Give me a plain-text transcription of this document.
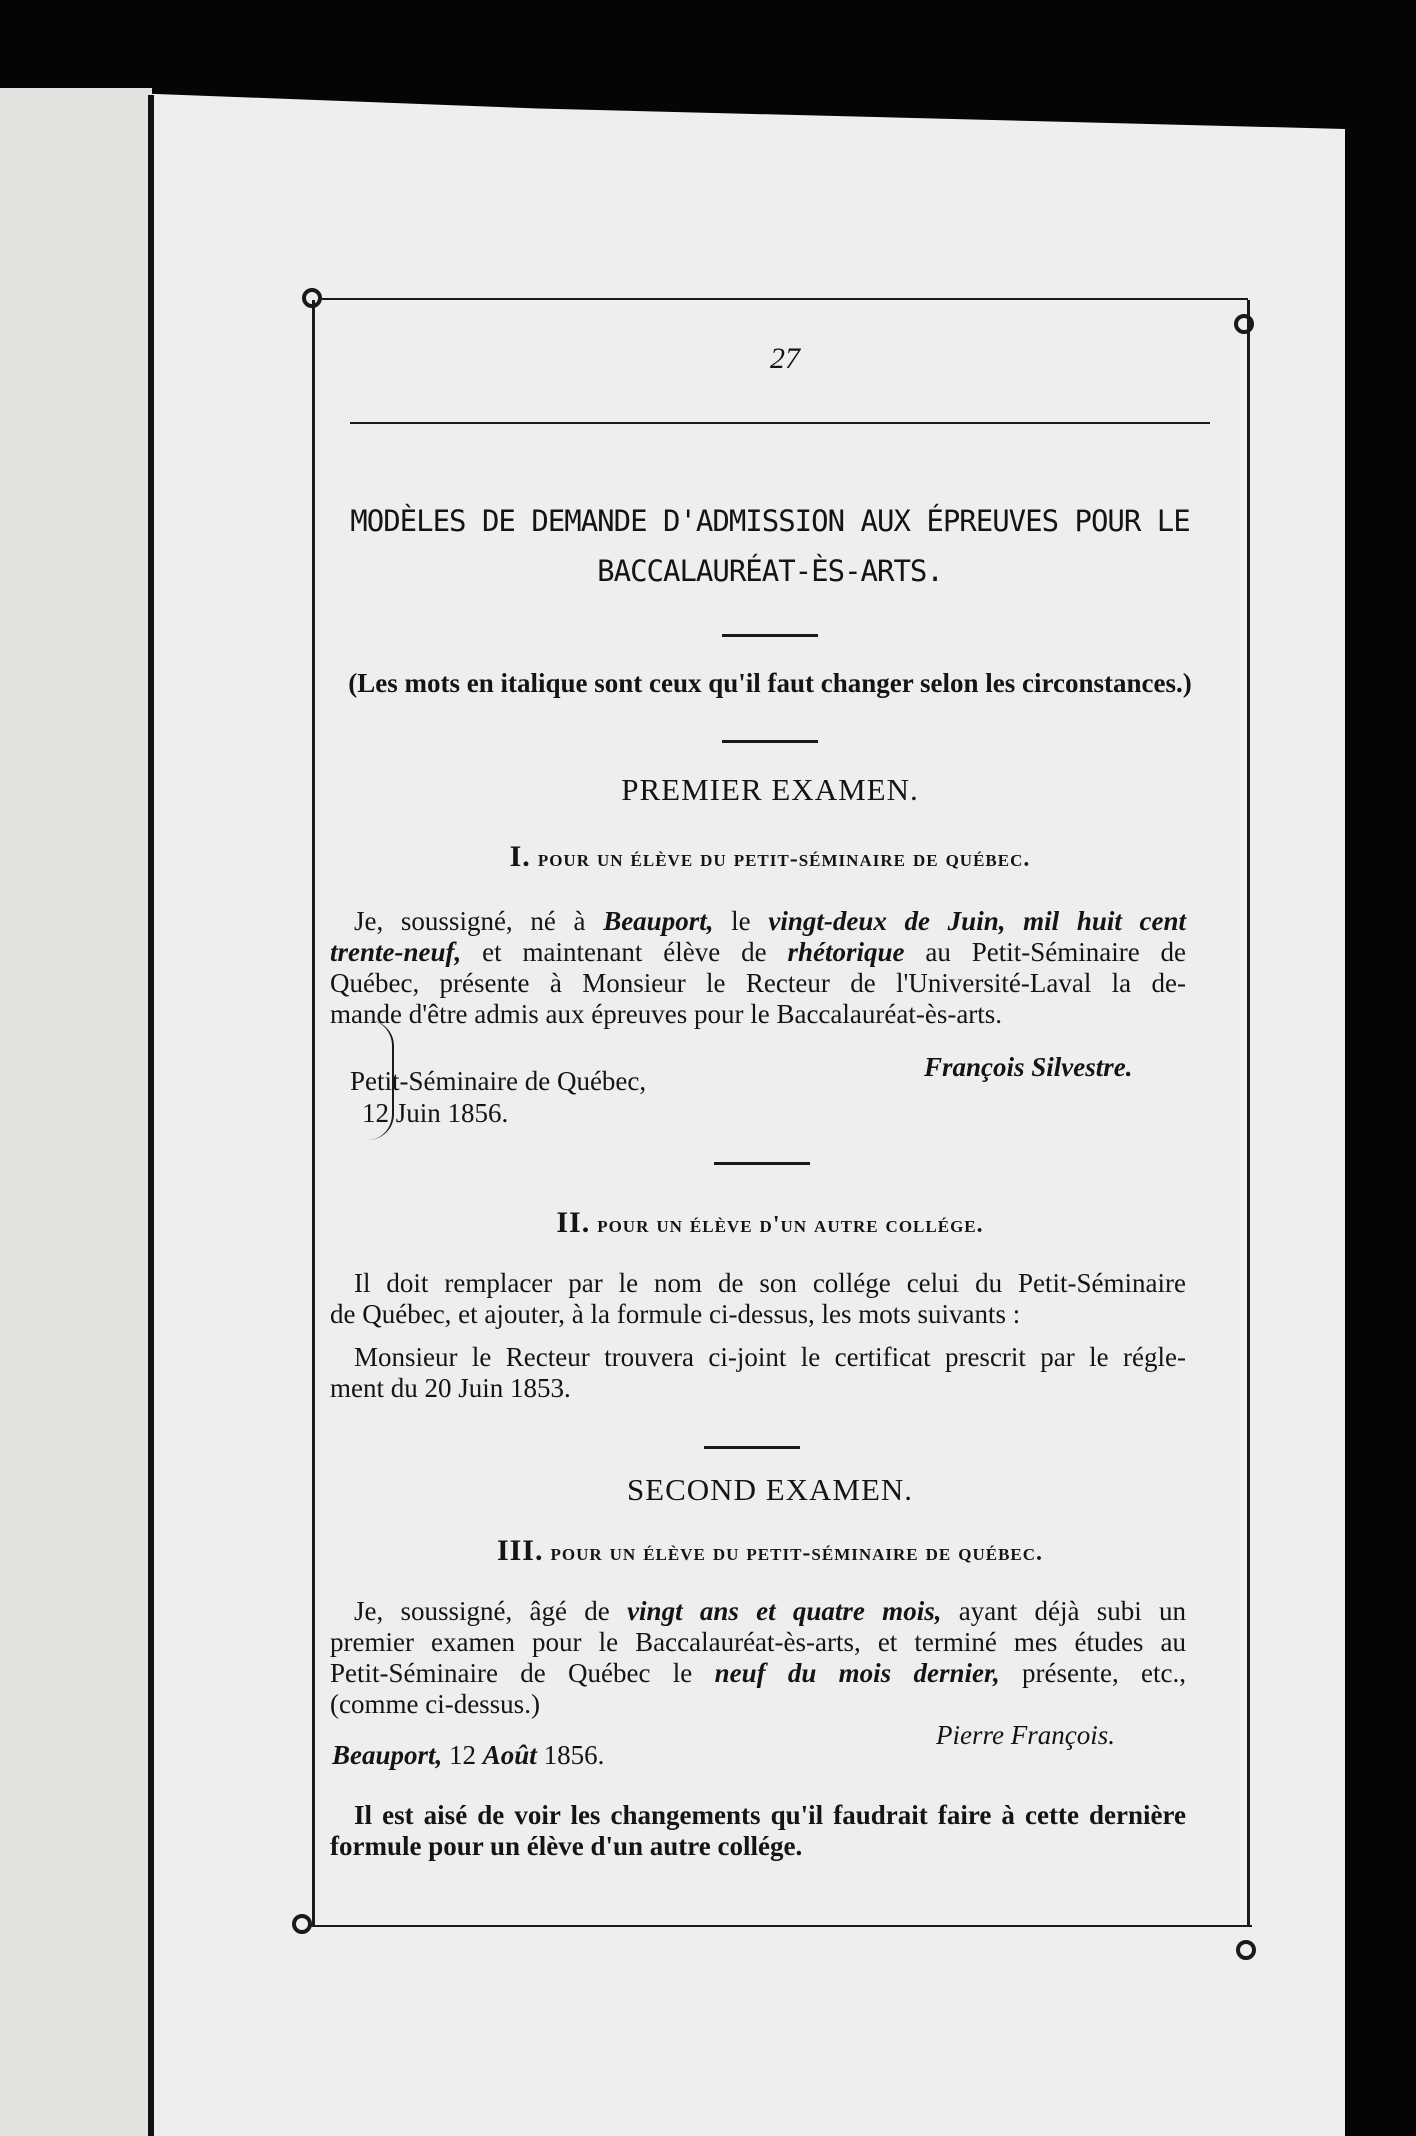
27
MODÈLES DE DEMANDE D'ADMISSION AUX ÉPREUVES POUR LE
BACCALAURÉAT-ÈS-ARTS.
(Les mots en italique sont ceux qu'il faut changer selon les circonstances.)
PREMIER EXAMEN.
I. pour un élève du petit-séminaire de québec.
Je, soussigné, né à Beauport, le vingt-deux de Juin, mil huit cent
trente-neuf, et maintenant élève de rhétorique au Petit-Séminaire de
Québec, présente à Monsieur le Recteur de l'Université-Laval la de-
mande d'être admis aux épreuves pour le Baccalauréat-ès-arts.
François Silvestre.
Petit-Séminaire de Québec,
12 Juin 1856.
II. pour un élève d'un autre collége.
Il doit remplacer par le nom de son collége celui du Petit-Séminaire
de Québec, et ajouter, à la formule ci-dessus, les mots suivants :
Monsieur le Recteur trouvera ci-joint le certificat prescrit par le régle-
ment du 20 Juin 1853.
SECOND EXAMEN.
III. pour un élève du petit-séminaire de québec.
Je, soussigné, âgé de vingt ans et quatre mois, ayant déjà subi un
premier examen pour le Baccalauréat-ès-arts, et terminé mes études au
Petit-Séminaire de Québec le neuf du mois dernier, présente, etc.,
(comme ci-dessus.)
Beauport, 12 Août 1856.
Pierre François.
Il est aisé de voir les changements qu'il faudrait faire à cette dernière
formule pour un élève d'un autre collége.
